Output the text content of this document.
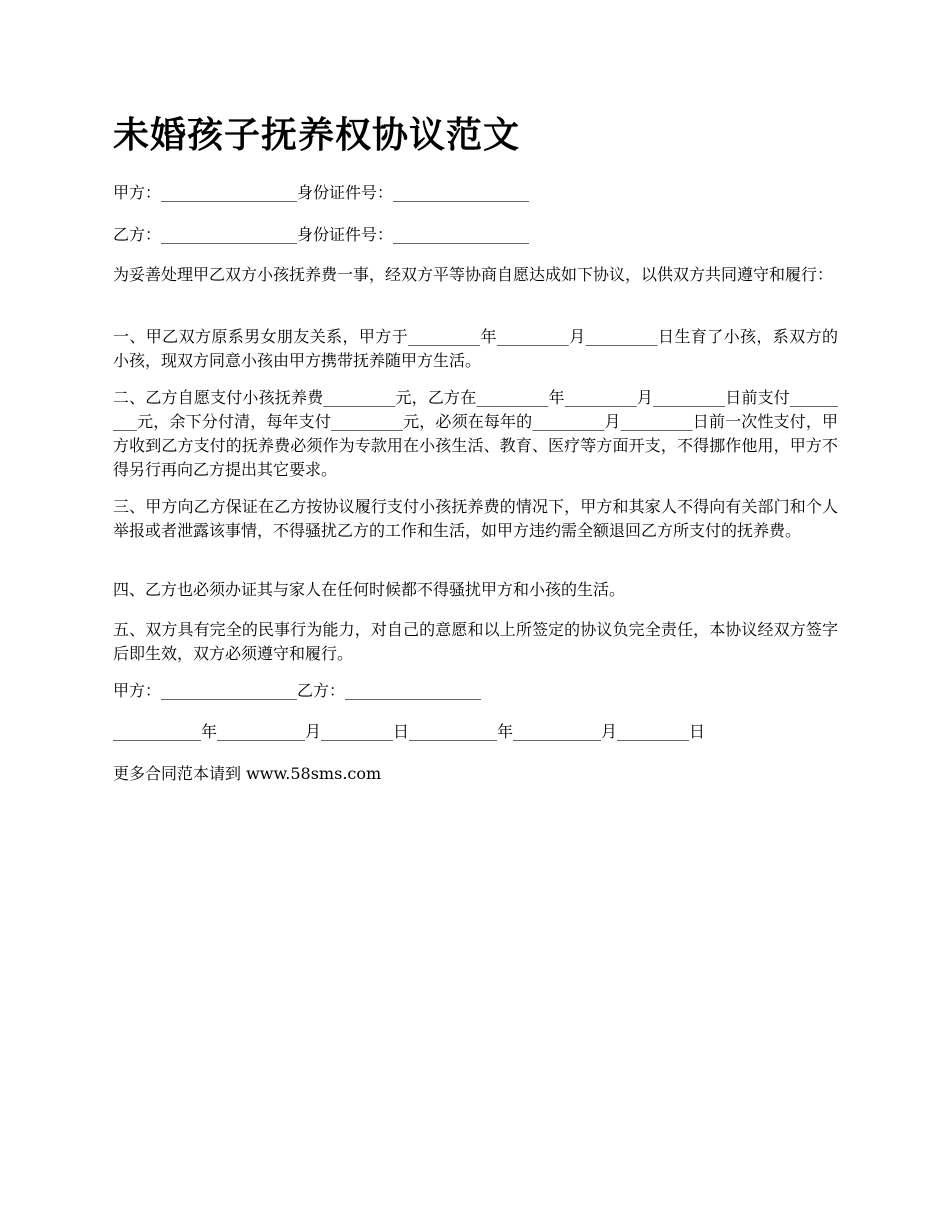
未婚孩子抚养权协议范文
甲方：_________________身份证件号：_________________
乙方：_________________身份证件号：_________________
为妥善处理甲乙双方小孩抚养费一事，经双方平等协商自愿达成如下协议，以供双方共同遵守和履行：
一、甲乙双方原系男女朋友关系，甲方于_________年_________月_________日生育了小孩，系双方的小孩，现双方同意小孩由甲方携带抚养随甲方生活。
二、乙方自愿支付小孩抚养费_________元，乙方在_________年_________月_________日前支付_________元，余下分付清，每年支付_________元，必须在每年的_________月_________日前一次性支付，甲方收到乙方支付的抚养费必须作为专款用在小孩生活、教育、医疗等方面开支，不得挪作他用，甲方不得另行再向乙方提出其它要求。
三、甲方向乙方保证在乙方按协议履行支付小孩抚养费的情况下，甲方和其家人不得向有关部门和个人举报或者泄露该事情，不得骚扰乙方的工作和生活，如甲方违约需全额退回乙方所支付的抚养费。
四、乙方也必须办证其与家人在任何时候都不得骚扰甲方和小孩的生活。
五、双方具有完全的民事行为能力，对自己的意愿和以上所签定的协议负完全责任，本协议经双方签字后即生效，双方必须遵守和履行。
甲方：_________________乙方：_________________
___________年___________月_________日___________年___________月_________日
更多合同范本请到 www.58sms.com
